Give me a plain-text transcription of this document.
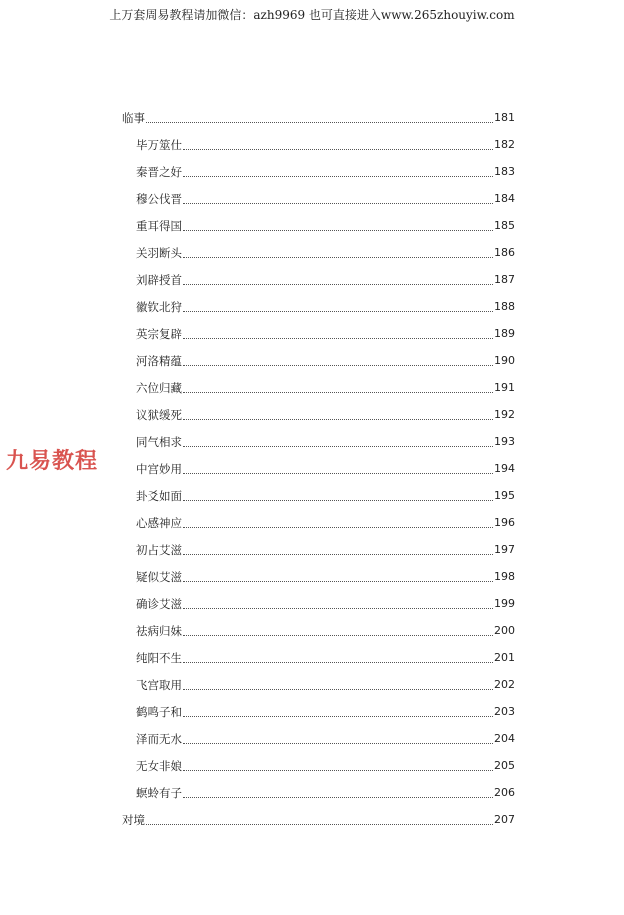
上万套周易教程请加微信：azh9969 也可直接进入www.265zhouyiw.com
九易教程
临事	181
毕万筮仕	182
秦晋之好	183
穆公伐晋	184
重耳得国	185
关羽断头	186
刘辟授首	187
徽钦北狩	188
英宗复辟	189
河洛精蕴	190
六位归藏	191
议狱缓死	192
同气相求	193
中宫妙用	194
卦爻如面	195
心感神应	196
初占艾滋	197
疑似艾滋	198
确诊艾滋	199
祛病归妹	200
纯阳不生	201
飞宫取用	202
鹤鸣子和	203
泽而无水	204
无女非娘	205
螟蛉有子	206
对境	207
